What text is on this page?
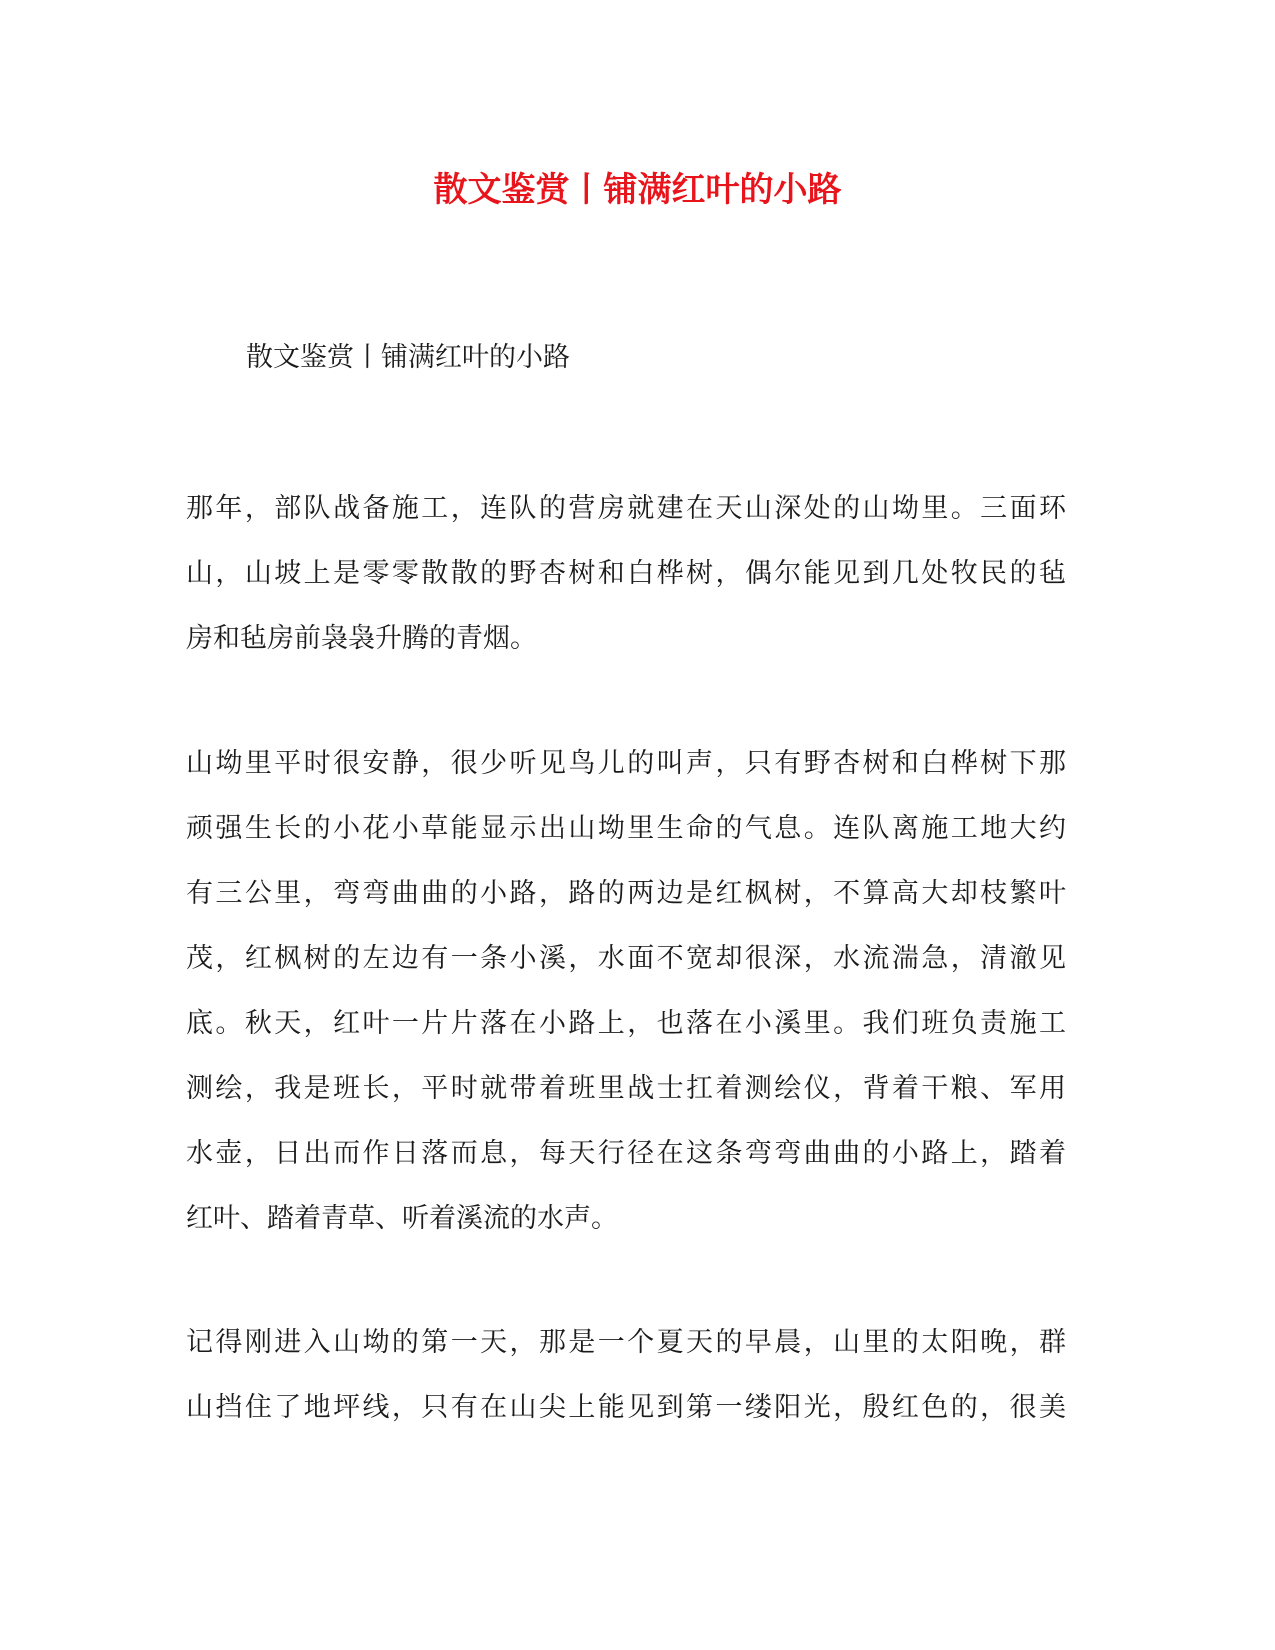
散文鉴赏丨铺满红叶的小路
散文鉴赏丨铺满红叶的小路
那年，部队战备施工，连队的营房就建在天山深处的山坳里。三面环
山，山坡上是零零散散的野杏树和白桦树，偶尔能见到几处牧民的毡
房和毡房前袅袅升腾的青烟。
山坳里平时很安静，很少听见鸟儿的叫声，只有野杏树和白桦树下那
顽强生长的小花小草能显示出山坳里生命的气息。连队离施工地大约
有三公里，弯弯曲曲的小路，路的两边是红枫树，不算高大却枝繁叶
茂，红枫树的左边有一条小溪，水面不宽却很深，水流湍急，清澈见
底。秋天，红叶一片片落在小路上，也落在小溪里。我们班负责施工
测绘，我是班长，平时就带着班里战士扛着测绘仪，背着干粮、军用
水壶，日出而作日落而息，每天行径在这条弯弯曲曲的小路上，踏着
红叶、踏着青草、听着溪流的水声。
记得刚进入山坳的第一天，那是一个夏天的早晨，山里的太阳晚，群
山挡住了地坪线，只有在山尖上能见到第一缕阳光，殷红色的，很美
